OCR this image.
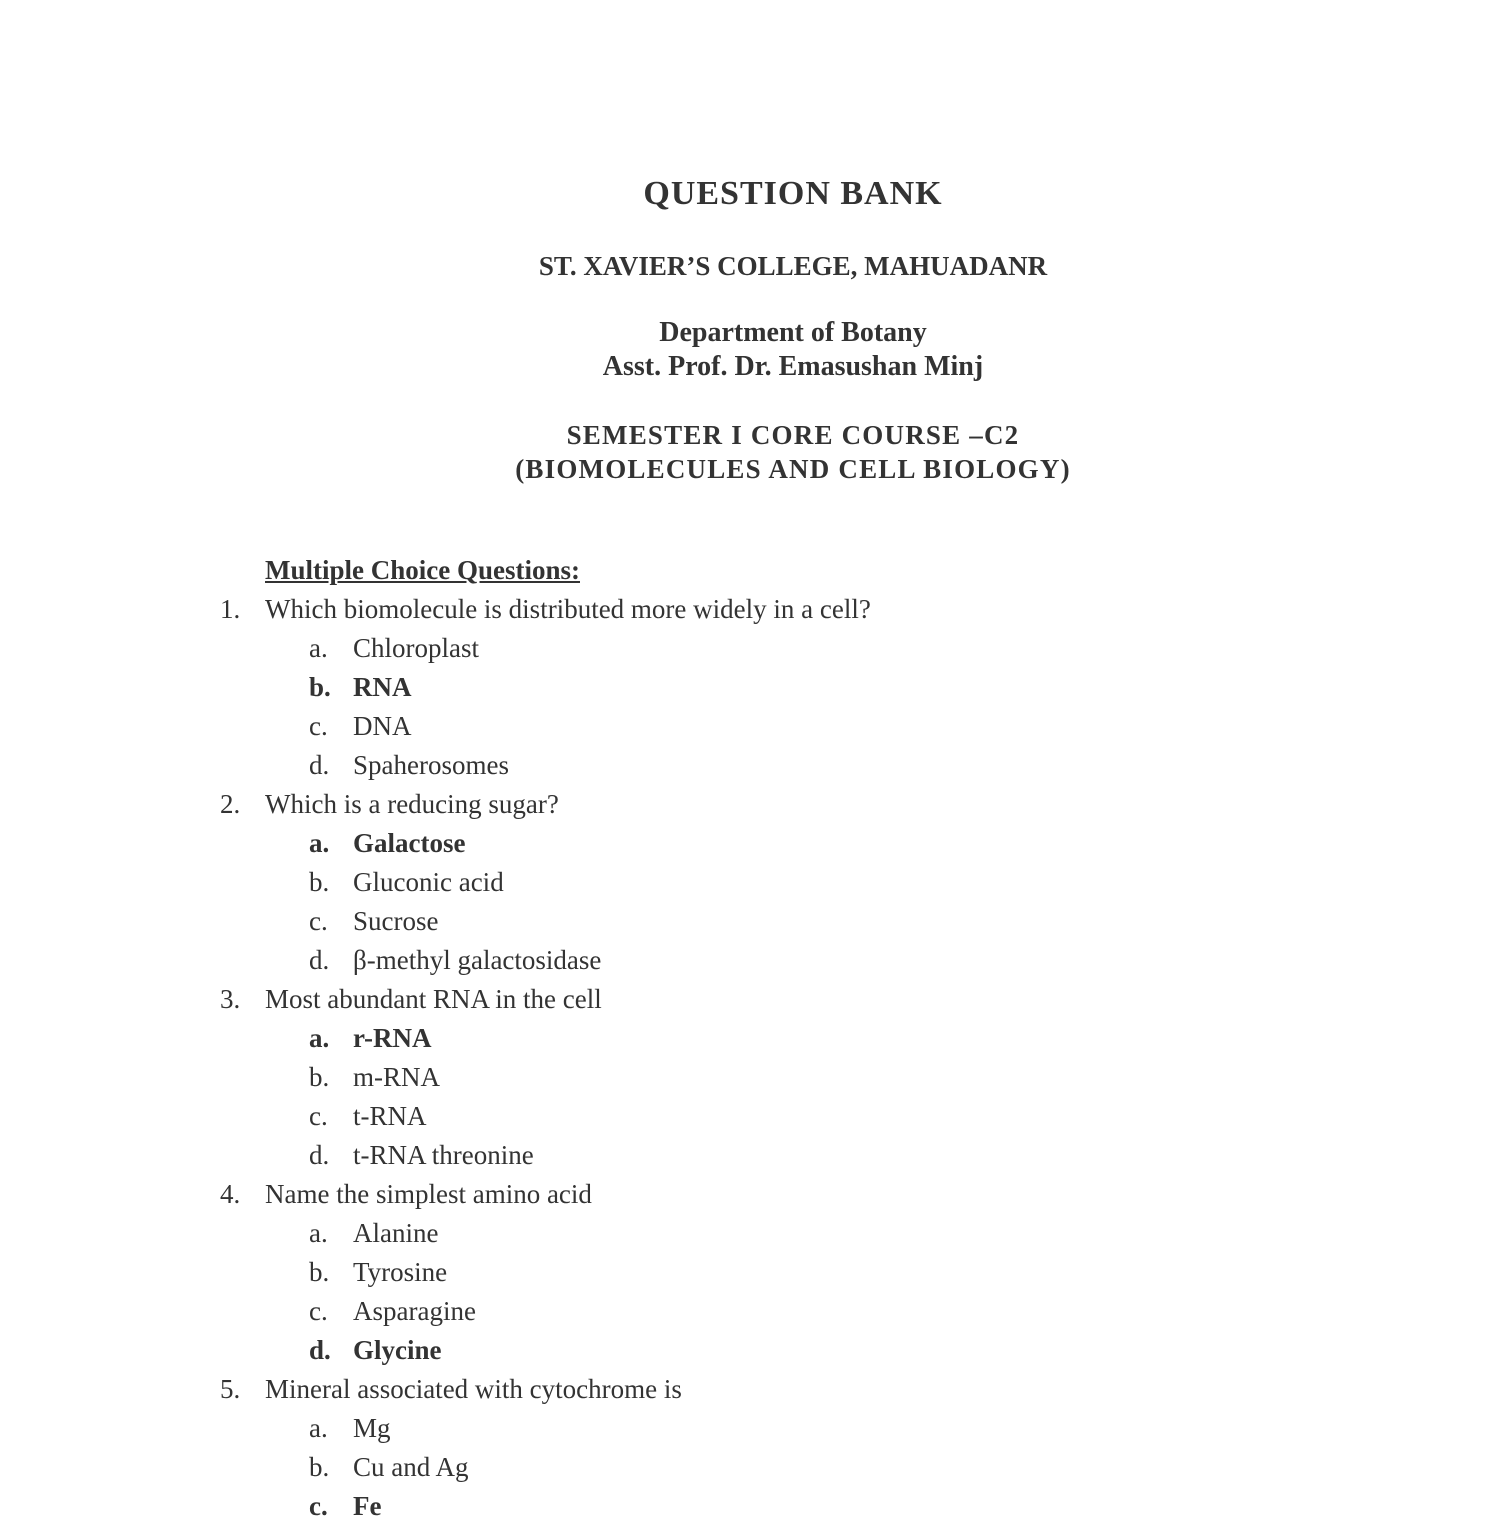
QUESTION BANK
ST. XAVIER’S COLLEGE, MAHUADANR
Department of Botany
Asst. Prof. Dr. Emasushan Minj
SEMESTER I CORE COURSE –C2
(BIOMOLECULES AND CELL BIOLOGY)
Multiple Choice Questions:
1. Which biomolecule is distributed more widely in a cell?
a. Chloroplast
b. RNA
c. DNA
d. Spaherosomes
2. Which is a reducing sugar?
a. Galactose
b. Gluconic acid
c. Sucrose
d. β-methyl galactosidase
3. Most abundant RNA in the cell
a. r-RNA
b. m-RNA
c. t-RNA
d. t-RNA threonine
4. Name the simplest amino acid
a. Alanine
b. Tyrosine
c. Asparagine
d. Glycine
5. Mineral associated with cytochrome is
a. Mg
b. Cu and Ag
c. Fe
